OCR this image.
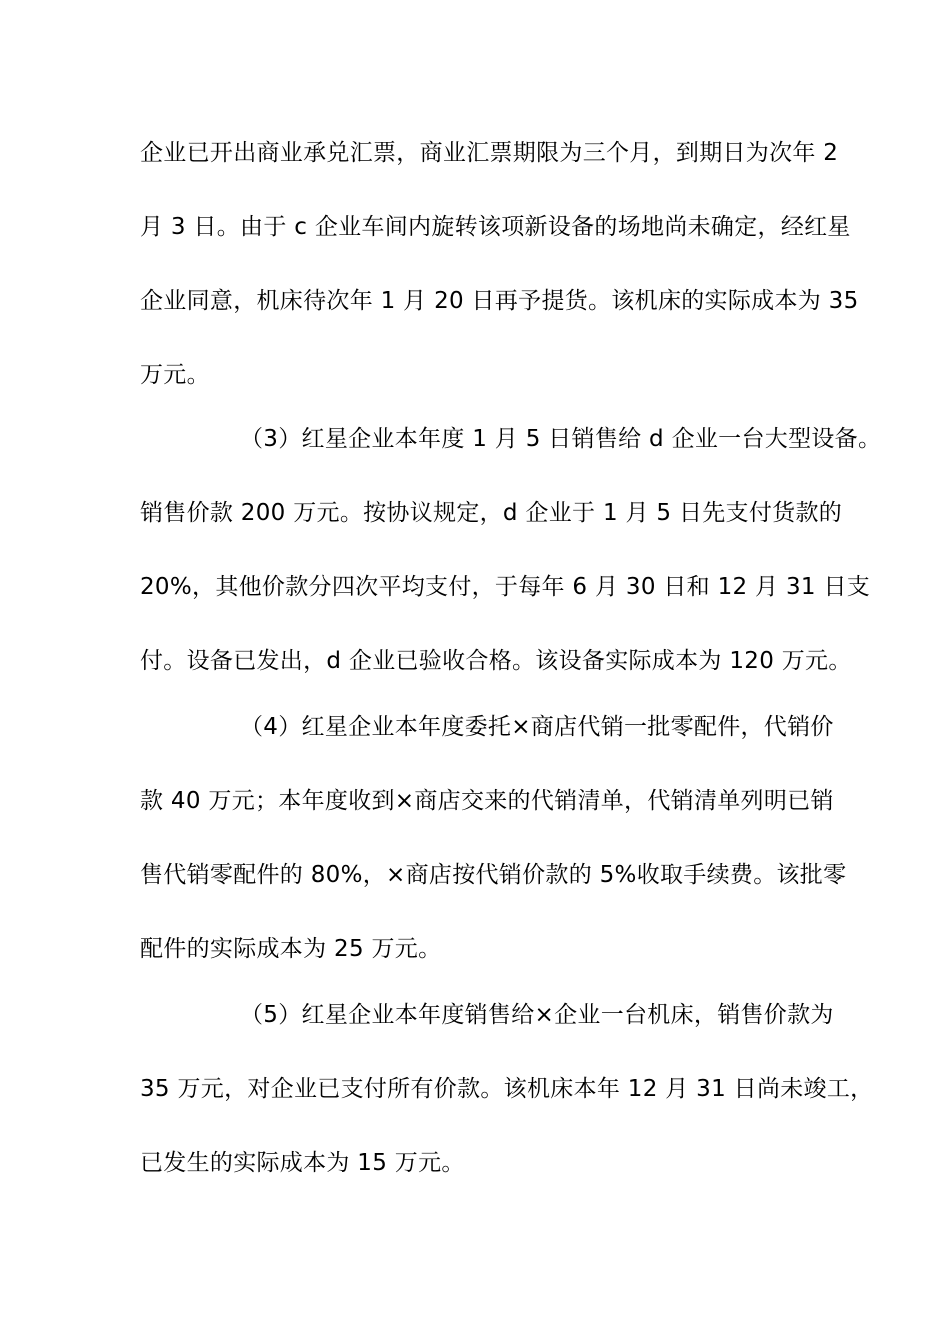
企业已开出商业承兑汇票，商业汇票期限为三个月，到期日为次年 2
月 3 日。由于 c 企业车间内旋转该项新设备的场地尚未确定，经红星
企业同意，机床待次年 1 月 20 日再予提货。该机床的实际成本为 35
万元。
（3）红星企业本年度 1 月 5 日销售给 d 企业一台大型设备。
销售价款 200 万元。按协议规定，d 企业于 1 月 5 日先支付货款的
20%，其他价款分四次平均支付，于每年 6 月 30 日和 12 月 31 日支
付。设备已发出，d 企业已验收合格。该设备实际成本为 120 万元。
（4）红星企业本年度委托×商店代销一批零配件，代销价
款 40 万元；本年度收到×商店交来的代销清单，代销清单列明已销
售代销零配件的 80%，×商店按代销价款的 5%收取手续费。该批零
配件的实际成本为 25 万元。
（5）红星企业本年度销售给×企业一台机床，销售价款为
35 万元，对企业已支付所有价款。该机床本年 12 月 31 日尚未竣工，
已发生的实际成本为 15 万元。
